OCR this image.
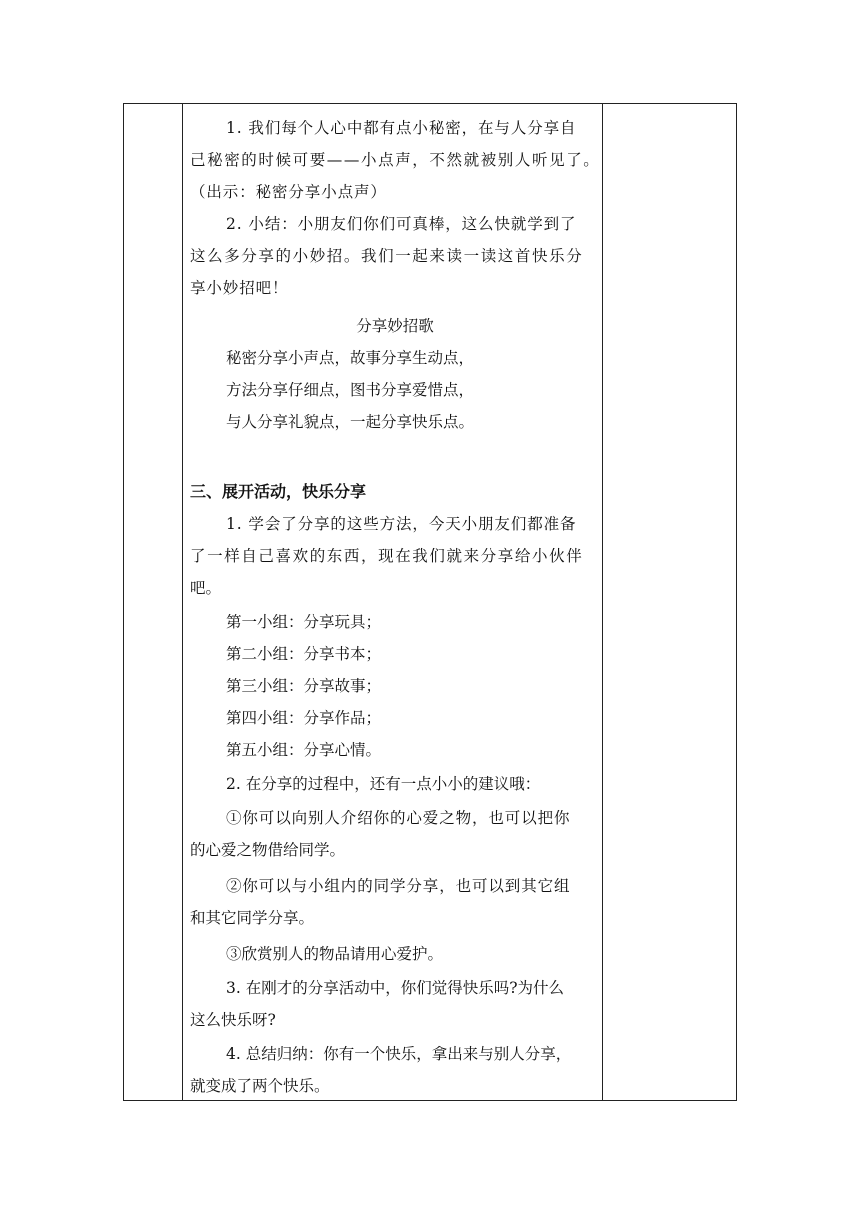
1. 我们每个人心中都有点小秘密，在与人分享自
己秘密的时候可要——小点声，不然就被别人听见了。
（出示：秘密分享小点声）
2. 小结：小朋友们你们可真棒，这么快就学到了
这么多分享的小妙招。我们一起来读一读这首快乐分
享小妙招吧！
分享妙招歌
秘密分享小声点，故事分享生动点，
方法分享仔细点，图书分享爱惜点，
与人分享礼貌点，一起分享快乐点。
三、展开活动，快乐分享
1. 学会了分享的这些方法，今天小朋友们都准备
了一样自己喜欢的东西，现在我们就来分享给小伙伴
吧。
第一小组：分享玩具；
第二小组：分享书本；
第三小组：分享故事；
第四小组：分享作品；
第五小组：分享心情。
2. 在分享的过程中，还有一点小小的建议哦：
①你可以向别人介绍你的心爱之物，也可以把你
的心爱之物借给同学。
②你可以与小组内的同学分享，也可以到其它组
和其它同学分享。
③欣赏别人的物品请用心爱护。
3. 在刚才的分享活动中，你们觉得快乐吗?为什么
这么快乐呀?
4. 总结归纳：你有一个快乐，拿出来与别人分享，
就变成了两个快乐。
